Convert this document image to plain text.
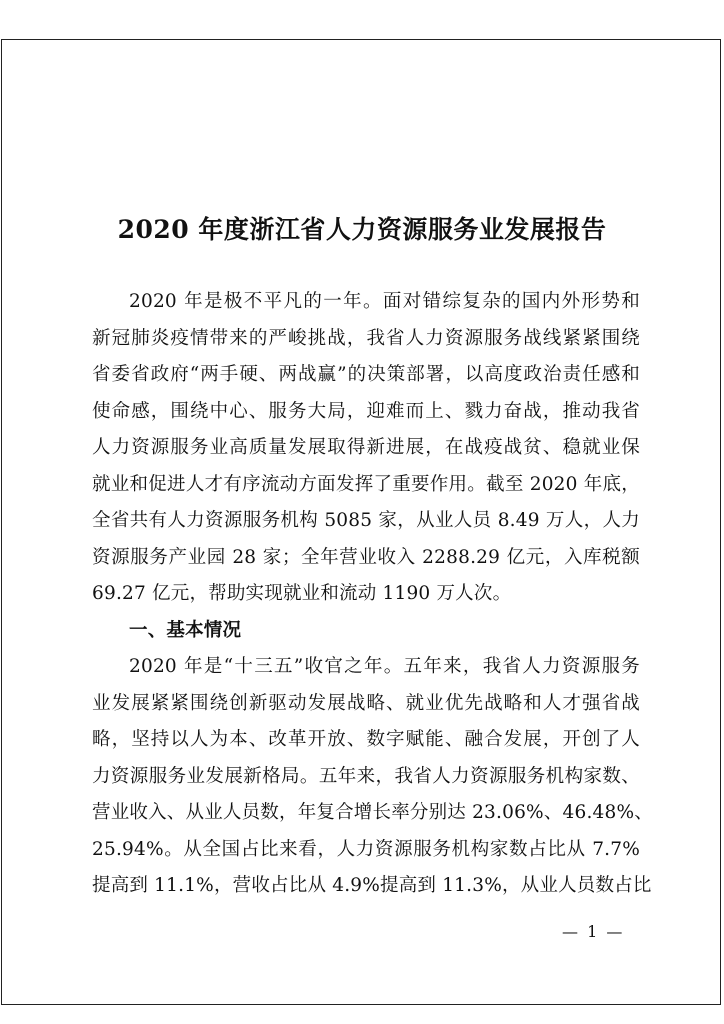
2020 年度浙江省人力资源服务业发展报告
2020 年是极不平凡的一年。面对错综复杂的国内外形势和
新冠肺炎疫情带来的严峻挑战，我省人力资源服务战线紧紧围绕
省委省政府“两手硬、两战赢”的决策部署，以高度政治责任感和
使命感，围绕中心、服务大局，迎难而上、戮力奋战，推动我省
人力资源服务业高质量发展取得新进展，在战疫战贫、稳就业保
就业和促进人才有序流动方面发挥了重要作用。截至 2020 年底，
全省共有人力资源服务机构 5085 家，从业人员 8.49 万人，人力
资源服务产业园 28 家；全年营业收入 2288.29 亿元，入库税额
69.27 亿元，帮助实现就业和流动 1190 万人次。
一、基本情况
2020 年是“十三五”收官之年。五年来，我省人力资源服务
业发展紧紧围绕创新驱动发展战略、就业优先战略和人才强省战
略，坚持以人为本、改革开放、数字赋能、融合发展，开创了人
力资源服务业发展新格局。五年来，我省人力资源服务机构家数、
营业收入、从业人员数，年复合增长率分别达 23.06%、46.48%、
25.94%。从全国占比来看，人力资源服务机构家数占比从 7.7%
提高到 11.1%，营收占比从 4.9%提高到 11.3%，从业人员数占比
— 1 —
